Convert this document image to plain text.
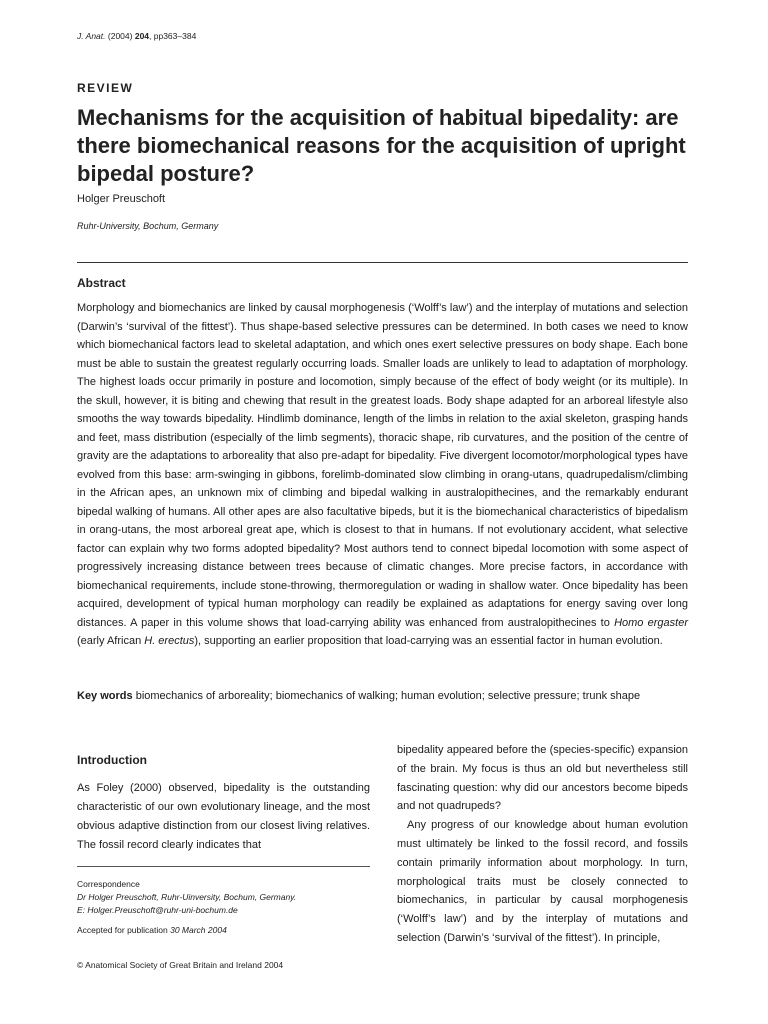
J. Anat. (2004) 204, pp363–384
REVIEW
Mechanisms for the acquisition of habitual bipedality: are there biomechanical reasons for the acquisition of upright bipedal posture?
Holger Preuschoft
Ruhr-University, Bochum, Germany
Abstract

Morphology and biomechanics are linked by causal morphogenesis (‘Wolff’s law’) and the interplay of mutations and selection (Darwin’s ‘survival of the fittest’). Thus shape-based selective pressures can be determined. In both cases we need to know which biomechanical factors lead to skeletal adaptation, and which ones exert selective pressures on body shape. Each bone must be able to sustain the greatest regularly occurring loads. Smaller loads are unlikely to lead to adaptation of morphology. The highest loads occur primarily in posture and locomotion, simply because of the effect of body weight (or its multiple). In the skull, however, it is biting and chewing that result in the greatest loads. Body shape adapted for an arboreal lifestyle also smooths the way towards bipedality. Hindlimb dominance, length of the limbs in relation to the axial skeleton, grasping hands and feet, mass distribution (especially of the limb segments), thoracic shape, rib curvatures, and the position of the centre of gravity are the adaptations to arboreality that also pre-adapt for bipedality. Five divergent locomotor/morphological types have evolved from this base: arm-swinging in gibbons, forelimb-dominated slow climbing in orang-utans, quadrupedalism/climbing in the African apes, an unknown mix of climbing and bipedal walking in australopithecines, and the remarkably endurant bipedal walking of humans. All other apes are also facultative bipeds, but it is the biomechanical characteristics of bipedalism in orang-utans, the most arboreal great ape, which is closest to that in humans. If not evolutionary accident, what selective factor can explain why two forms adopted bipedality? Most authors tend to connect bipedal locomotion with some aspect of progressively increasing distance between trees because of climatic changes. More precise factors, in accordance with biomechanical requirements, include stone-throwing, thermoregulation or wading in shallow water. Once bipedality has been acquired, development of typical human morphology can readily be explained as adaptations for energy saving over long distances. A paper in this volume shows that load-carrying ability was enhanced from australopithecines to Homo ergaster (early African H. erectus), supporting an earlier proposition that load-carrying was an essential factor in human evolution.

Key words biomechanics of arboreality; biomechanics of walking; human evolution; selective pressure; trunk shape
Introduction

As Foley (2000) observed, bipedality is the outstanding characteristic of our own evolutionary lineage, and the most obvious adaptive distinction from our closest living relatives. The fossil record clearly indicates that

bipedality appeared before the (species-specific) expansion of the brain. My focus is thus an old but nevertheless still fascinating question: why did our ancestors become bipeds and not quadrupeds?

Any progress of our knowledge about human evolution must ultimately be linked to the fossil record, and fossils contain primarily information about morphology. In turn, morphological traits must be closely connected to biomechanics, in particular by causal morphogenesis (‘Wolff’s law’) and by the interplay of mutations and selection (Darwin’s ‘survival of the fittest’). In principle,

Correspondence
Dr Holger Preuschoft, Ruhr-Uinversity, Bochum, Germany.
E: Holger.Preuschoft@ruhr-uni-bochum.de
Accepted for publication 30 March 2004
© Anatomical Society of Great Britain and Ireland 2004
